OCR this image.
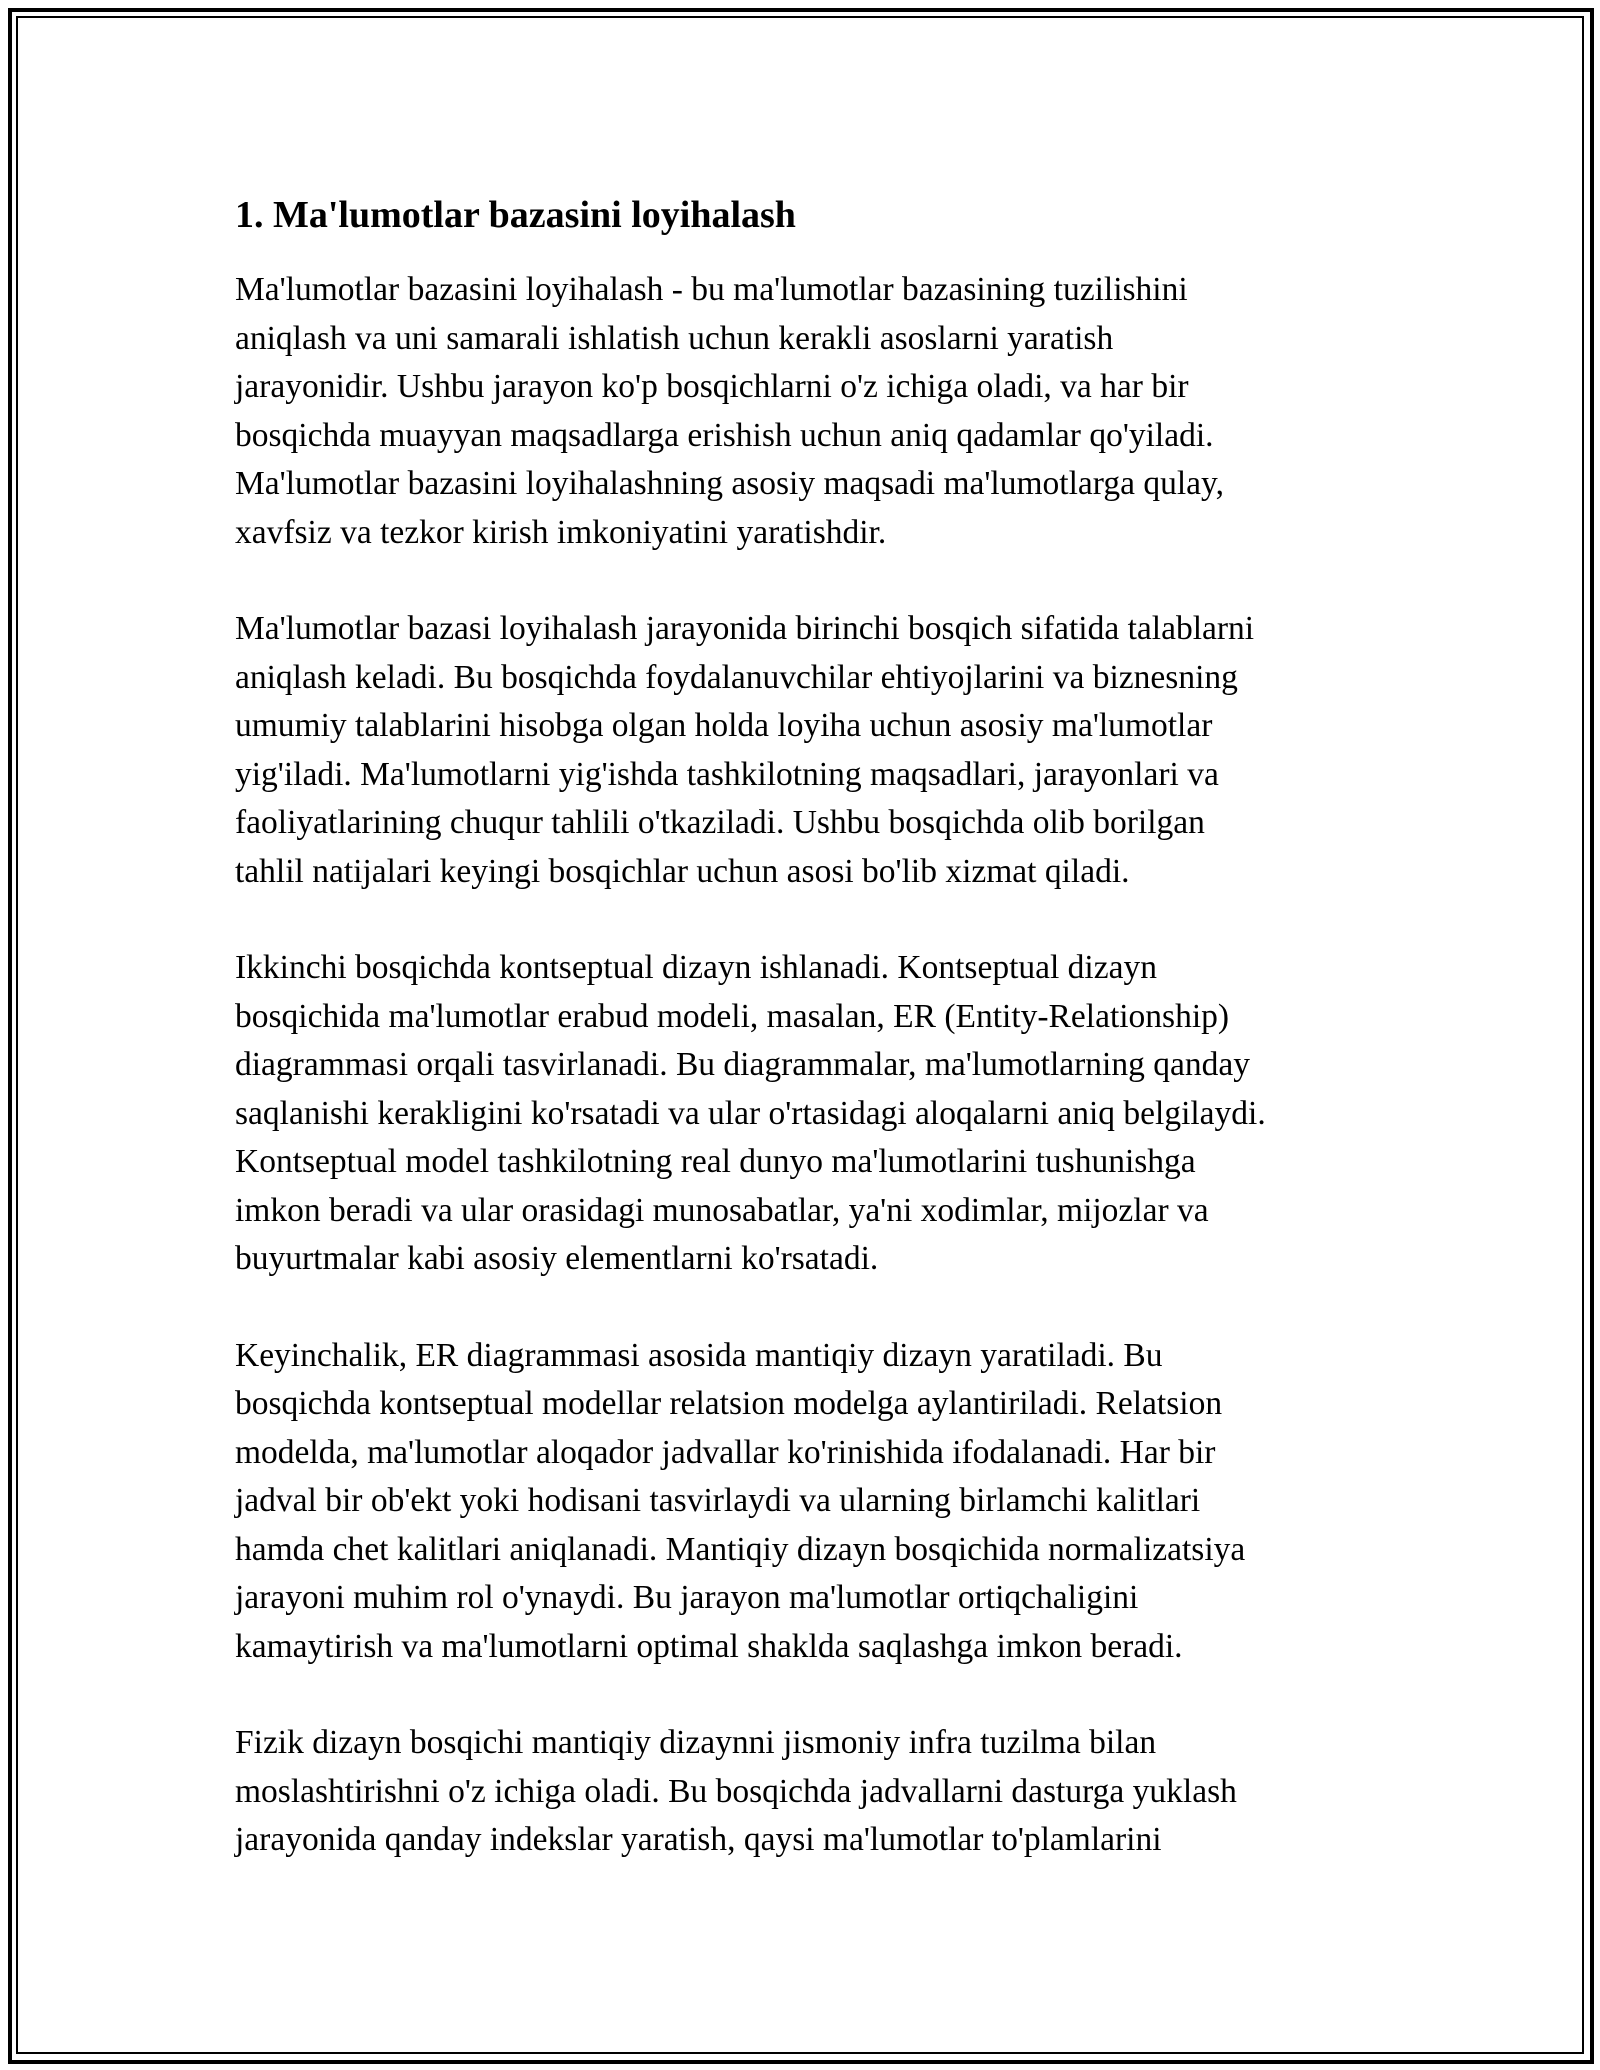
1. Ma'lumotlar bazasini loyihalash

Ma'lumotlar bazasini loyihalash - bu ma'lumotlar bazasining tuzilishini
aniqlash va uni samarali ishlatish uchun kerakli asoslarni yaratish
jarayonidir. Ushbu jarayon ko'p bosqichlarni o'z ichiga oladi, va har bir
bosqichda muayyan maqsadlarga erishish uchun aniq qadamlar qo'yiladi.
Ma'lumotlar bazasini loyihalashning asosiy maqsadi ma'lumotlarga qulay,
xavfsiz va tezkor kirish imkoniyatini yaratishdir.

Ma'lumotlar bazasi loyihalash jarayonida birinchi bosqich sifatida talablarni
aniqlash keladi. Bu bosqichda foydalanuvchilar ehtiyojlarini va biznesning
umumiy talablarini hisobga olgan holda loyiha uchun asosiy ma'lumotlar
yig'iladi. Ma'lumotlarni yig'ishda tashkilotning maqsadlari, jarayonlari va
faoliyatlarining chuqur tahlili o'tkaziladi. Ushbu bosqichda olib borilgan
tahlil natijalari keyingi bosqichlar uchun asosi bo'lib xizmat qiladi.

Ikkinchi bosqichda kontseptual dizayn ishlanadi. Kontseptual dizayn
bosqichida ma'lumotlar erabud modeli, masalan, ER (Entity-Relationship)
diagrammasi orqali tasvirlanadi. Bu diagrammalar, ma'lumotlarning qanday
saqlanishi kerakligini ko'rsatadi va ular o'rtasidagi aloqalarni aniq belgilaydi.
Kontseptual model tashkilotning real dunyo ma'lumotlarini tushunishga
imkon beradi va ular orasidagi munosabatlar, ya'ni xodimlar, mijozlar va
buyurtmalar kabi asosiy elementlarni ko'rsatadi.

Keyinchalik, ER diagrammasi asosida mantiqiy dizayn yaratiladi. Bu
bosqichda kontseptual modellar relatsion modelga aylantiriladi. Relatsion
modelda, ma'lumotlar aloqador jadvallar ko'rinishida ifodalanadi. Har bir
jadval bir ob'ekt yoki hodisani tasvirlaydi va ularning birlamchi kalitlari
hamda chet kalitlari aniqlanadi. Mantiqiy dizayn bosqichida normalizatsiya
jarayoni muhim rol o'ynaydi. Bu jarayon ma'lumotlar ortiqchaligini
kamaytirish va ma'lumotlarni optimal shaklda saqlashga imkon beradi.

Fizik dizayn bosqichi mantiqiy dizaynni jismoniy infra tuzilma bilan
moslashtirishni o'z ichiga oladi. Bu bosqichda jadvallarni dasturga yuklash
jarayonida qanday indekslar yaratish, qaysi ma'lumotlar to'plamlarini
